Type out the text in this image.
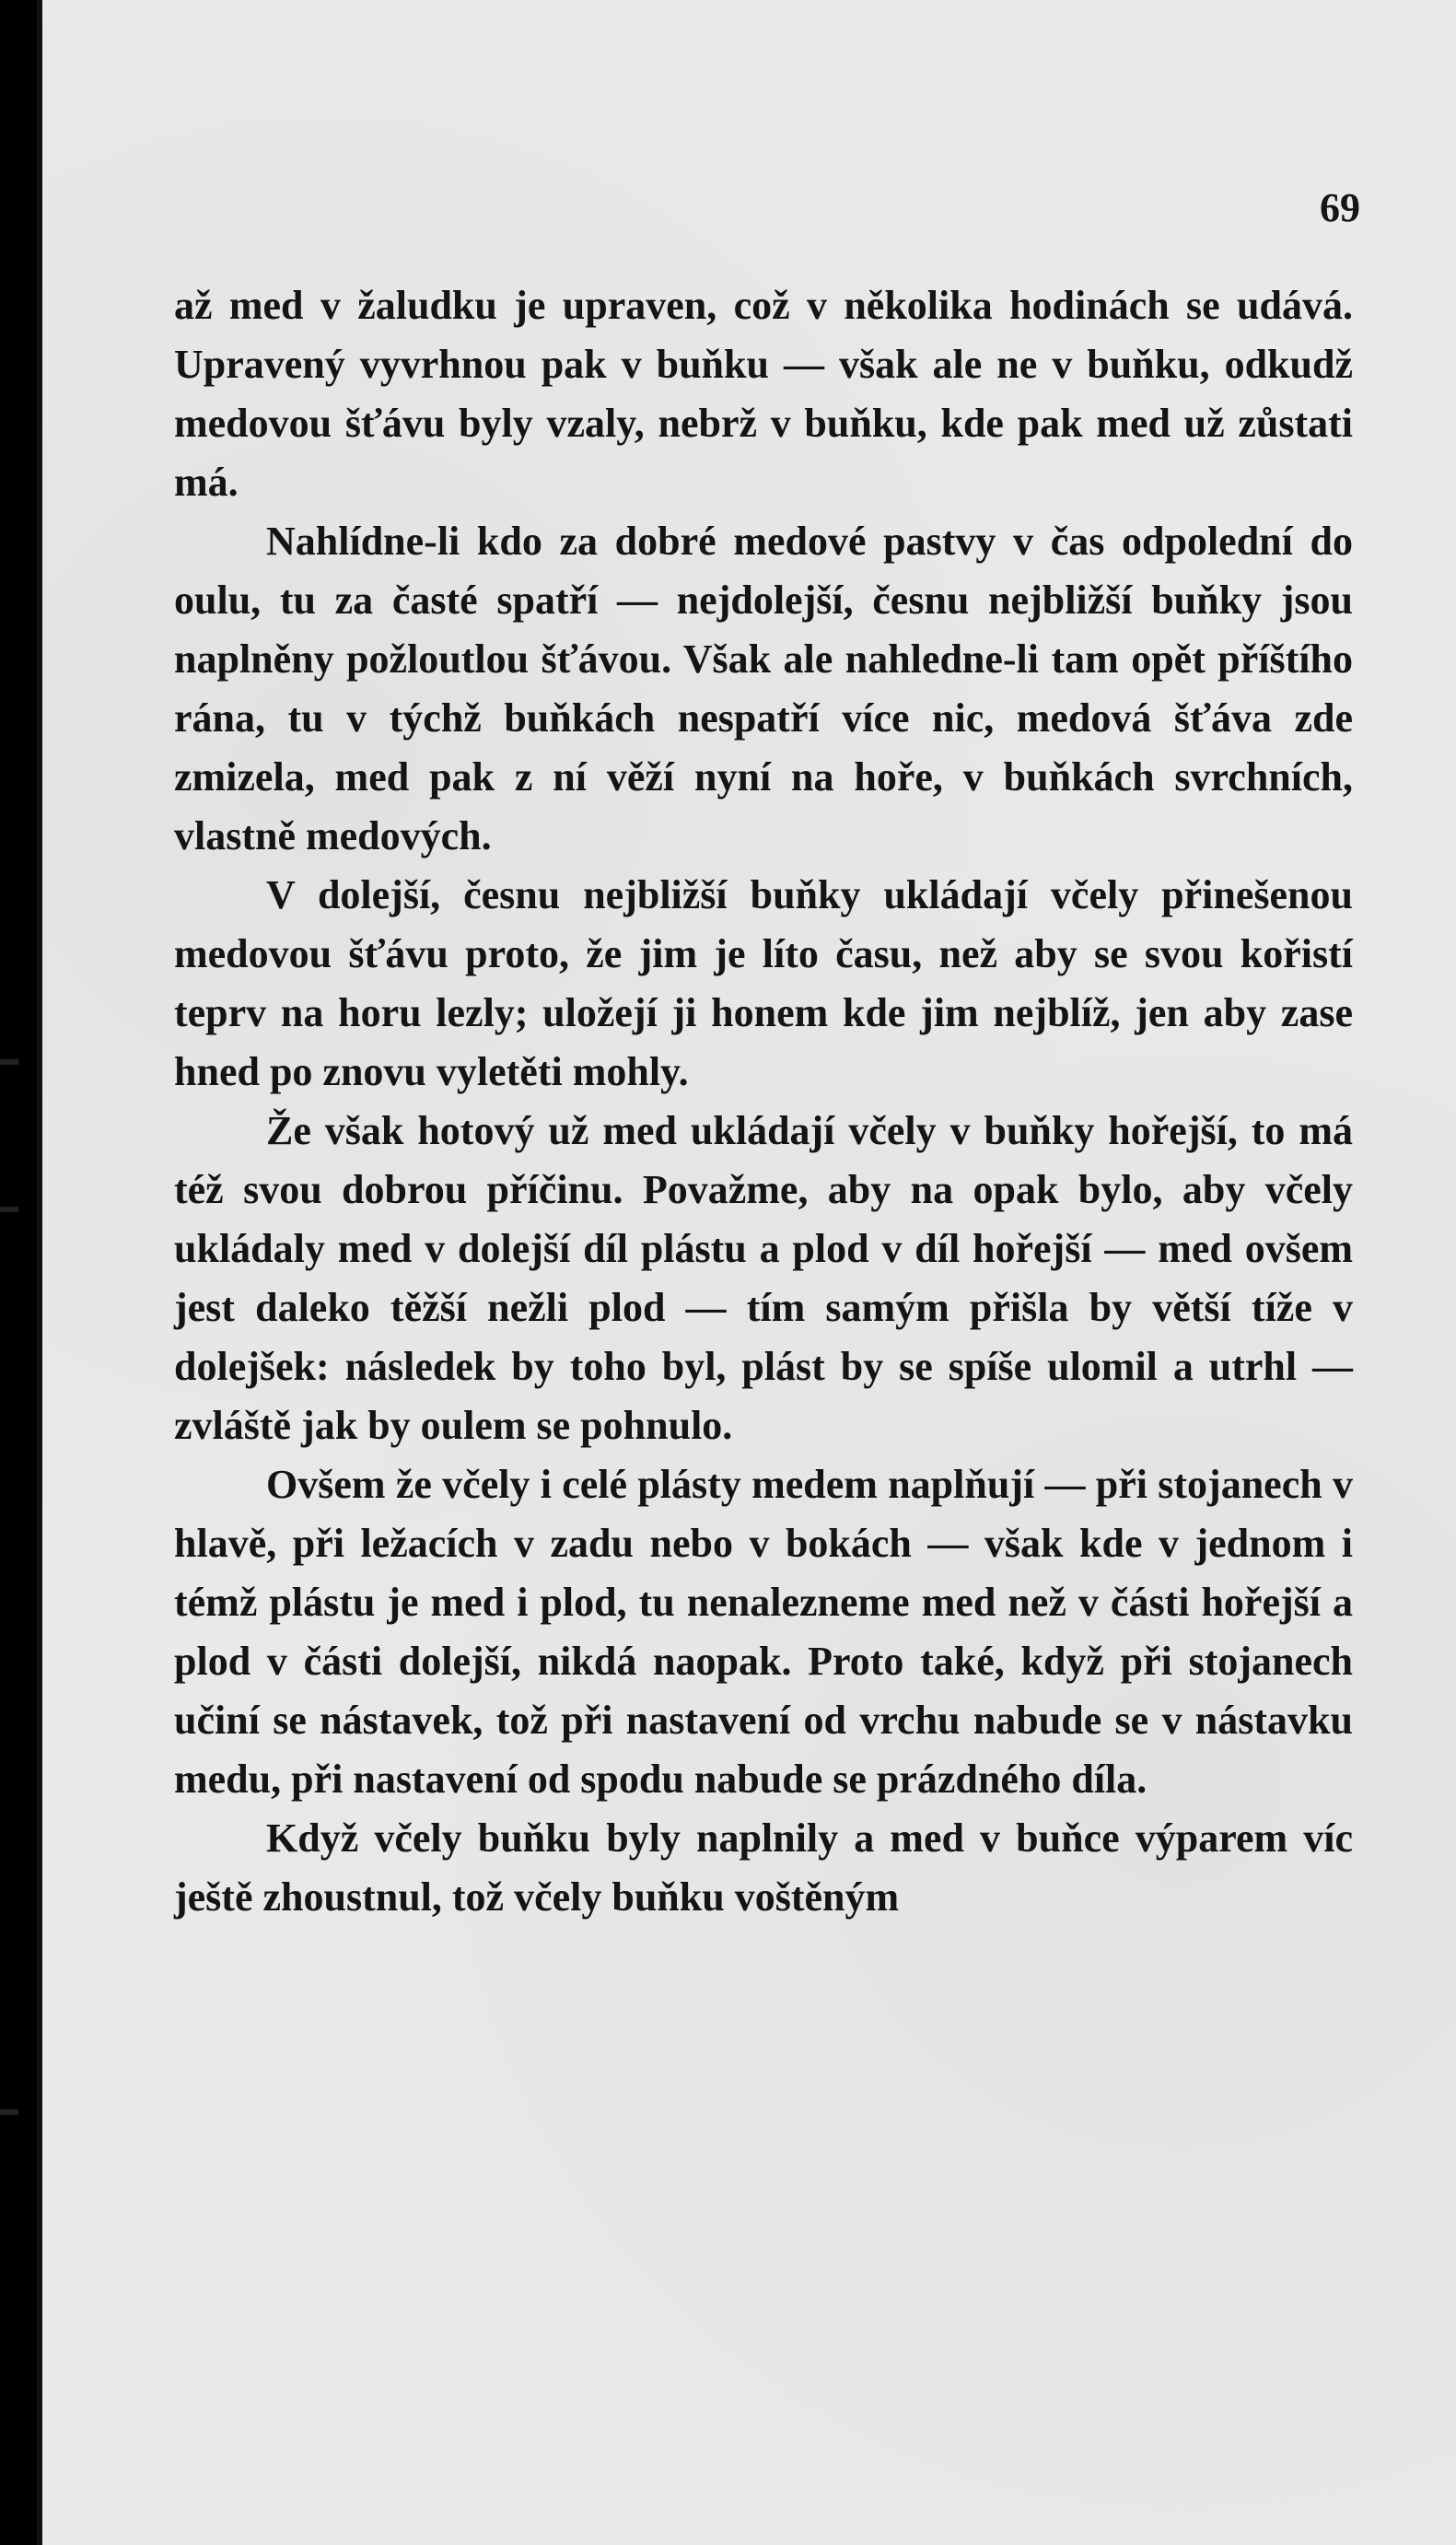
69

až med v žaludku je upraven, což v několika hodinách se udává. Upravený vyvrhnou pak v buňku — však ale ne v buňku, odkudž medovou šťávu byly vzaly, nebrž v buňku, kde pak med už zůstati má.

Nahlídne-li kdo za dobré medové pastvy v čas odpolední do oulu, tu za časté spatří — nejdolejší, česnu nejbližší buňky jsou naplněny požloutlou šťávou. Však ale nahledne-li tam opět příštího rána, tu v týchž buňkách nespatří více nic, medová šťáva zde zmizela, med pak z ní věží nyní na hoře, v buňkách svrchních, vlastně medových.

V dolejší, česnu nejbližší buňky ukládají včely přinešenou medovou šťávu proto, že jim je líto času, než aby se svou kořistí teprv na horu lezly; uložejí ji honem kde jim nejblíž, jen aby zase hned po znovu vyletěti mohly.

Že však hotový už med ukládají včely v buňky hořejší, to má též svou dobrou příčinu. Považme, aby na opak bylo, aby včely ukládaly med v dolejší díl plástu a plod v díl hořejší — med ovšem jest daleko těžší nežli plod — tím samým přišla by větší tíže v dolejšek: následek by toho byl, plást by se spíše ulomil a utrhl — zvláště jak by oulem se pohnulo.

Ovšem že včely i celé plásty medem naplňují — při stojanech v hlavě, při ležacích v zadu nebo v bokách — však kde v jednom i témž plástu je med i plod, tu nenalezneme med než v části hořejší a plod v části dolejší, nikdá naopak. Proto také, když při stojanech učiní se nástavek, tož při nastavení od vrchu nabude se v nástavku medu, při nastavení od spodu nabude se prázdného díla.

Když včely buňku byly naplnily a med v buňce výparem víc ještě zhoustnul, tož včely buňku voštěným
